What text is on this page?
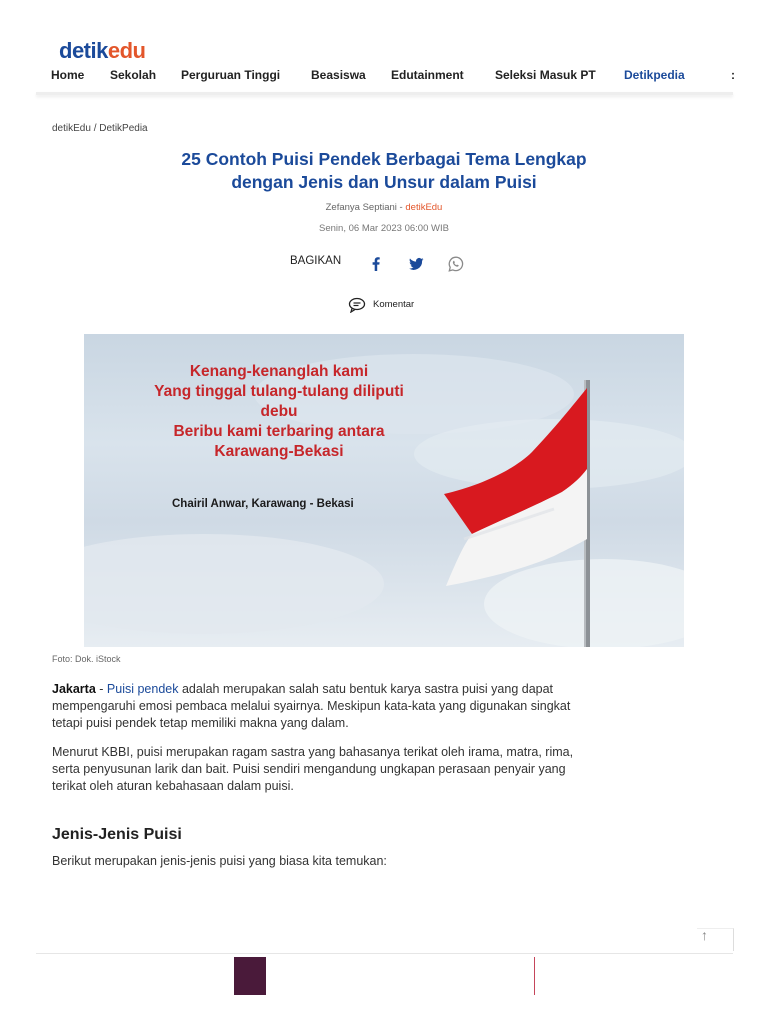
detikedu
Home Sekolah Perguruan Tinggi	Beasiswa Edutainment	Seleksi Masuk PT Detikpedia	:
detikEdu / DetikPedia
25 Contoh Puisi Pendek Berbagai Tema Lengkap
dengan Jenis dan Unsur dalam Puisi
Zefanya Septiani - detikEdu
Senin, 06 Mar 2023 06:00 WIB
BAGIKAN
Komentar
Kenang-kenanglah kami
Yang tinggal tulang-tulang diliputi
debu
Beribu kami terbaring antara
Karawang-Bekasi
Chairil Anwar, Karawang - Bekasi
Foto: Dok. iStock
Jakarta - Puisi pendek adalah merupakan salah satu bentuk karya sastra puisi yang dapat mempengaruhi emosi pembaca melalui syairnya. Meskipun kata-kata yang digunakan singkat tetapi puisi pendek tetap memiliki makna yang dalam.
Menurut KBBI, puisi merupakan ragam sastra yang bahasanya terikat oleh irama, matra, rima, serta penyusunan larik dan bait. Puisi sendiri mengandung ungkapan perasaan penyair yang terikat oleh aturan kebahasaan dalam puisi.
Jenis-Jenis Puisi
Berikut merupakan jenis-jenis puisi yang biasa kita temukan:
↑
